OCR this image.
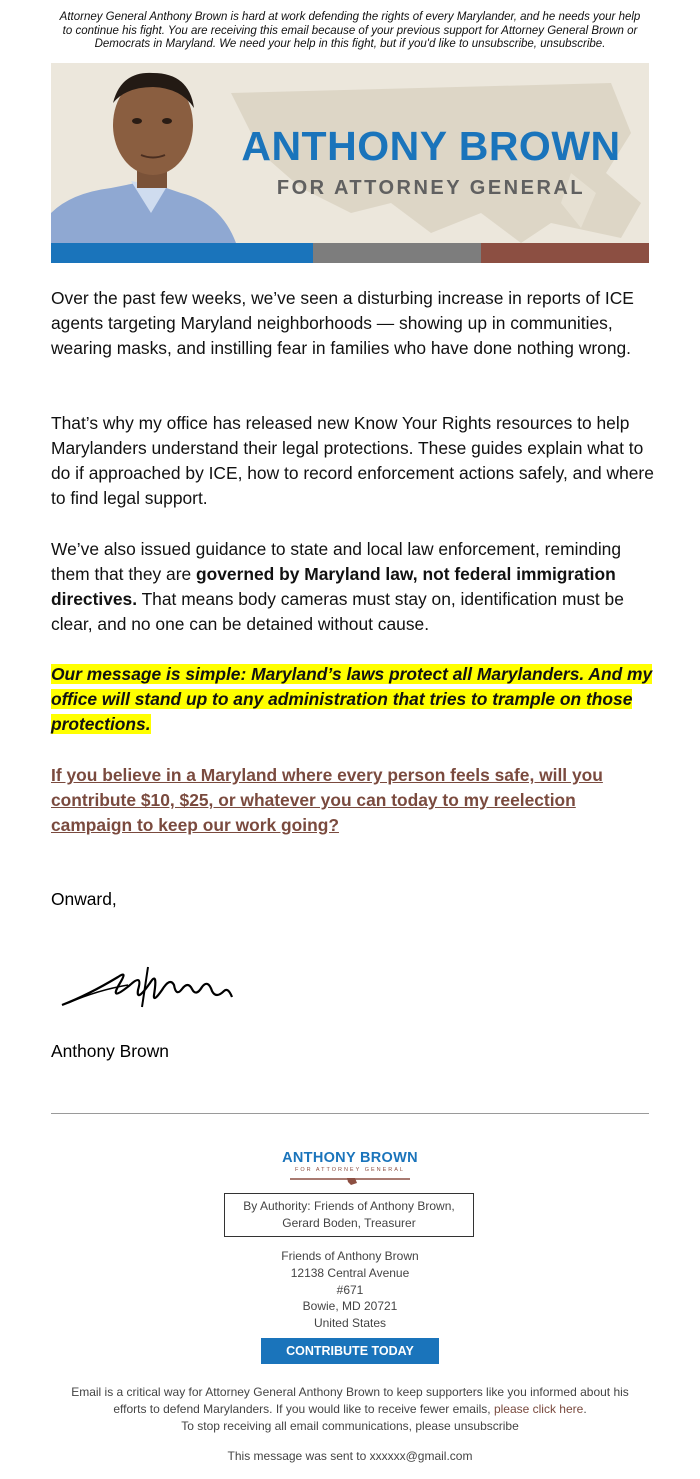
Attorney General Anthony Brown is hard at work defending the rights of every Marylander, and he needs your help to continue his fight. You are receiving this email because of your previous support for Attorney General Brown or Democrats in Maryland. We need your help in this fight, but if you'd like to unsubscribe, unsubscribe.
ANTHONY BROWN
FOR ATTORNEY GENERAL
Over the past few weeks, we’ve seen a disturbing increase in reports of ICE agents targeting Maryland neighborhoods — showing up in communities, wearing masks, and instilling fear in families who have done nothing wrong.
That’s why my office has released new Know Your Rights resources to help Marylanders understand their legal protections. These guides explain what to do if approached by ICE, how to record enforcement actions safely, and where to find legal support.
We’ve also issued guidance to state and local law enforcement, reminding them that they are governed by Maryland law, not federal immigration directives. That means body cameras must stay on, identification must be clear, and no one can be detained without cause.
Our message is simple: Maryland’s laws protect all Marylanders. And my office will stand up to any administration that tries to trample on those protections.
If you believe in a Maryland where every person feels safe, will you contribute $10, $25, or whatever you can today to my reelection campaign to keep our work going?
Onward,
Anthony Brown
ANTHONY BROWN
FOR ATTORNEY GENERAL
By Authority: Friends of Anthony Brown,
Gerard Boden, Treasurer
Friends of Anthony Brown
12138 Central Avenue
#671
Bowie, MD 20721
United States
CONTRIBUTE TODAY
Email is a critical way for Attorney General Anthony Brown to keep supporters like you informed about his efforts to defend Marylanders. If you would like to receive fewer emails, please click here.
To stop receiving all email communications, please unsubscribe
This message was sent to xxxxxx@gmail.com
